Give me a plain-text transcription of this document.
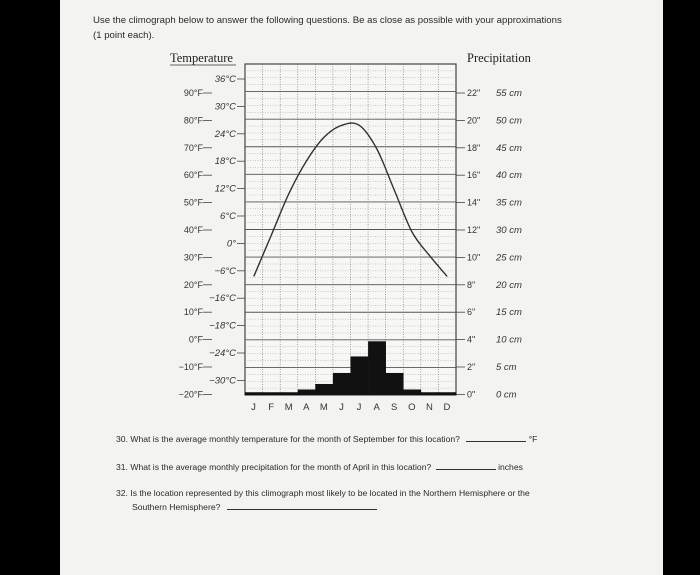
Use the climograph below to answer the following questions. Be as close as possible with your approximations
(1 point each).
Temperature	Precipitation
90°F
80°F
70°F
60°F
50°F
40°F
30°F
20°F
10°F
0°F
−10°F
−20°F
36°C
30°C
24°C
18°C
12°C
6°C
0°
−6°C
−16°C
−18°C
−24°C
−30°C
22"
20"
18"
16"
14"
12"
10"
8"
6"
4"
2"
0"
55 cm
50 cm
45 cm
40 cm
35 cm
30 cm
25 cm
20 cm
15 cm
10 cm
5 cm
0 cm
J F M A M J J A S O N D
30. What is the average monthly temperature for the month of September for this location?	°F
31. What is the average monthly precipitation for the month of April in this location?	inches
32. Is the location represented by this climograph most likely to be located in the Northern Hemisphere or the
Southern Hemisphere?
